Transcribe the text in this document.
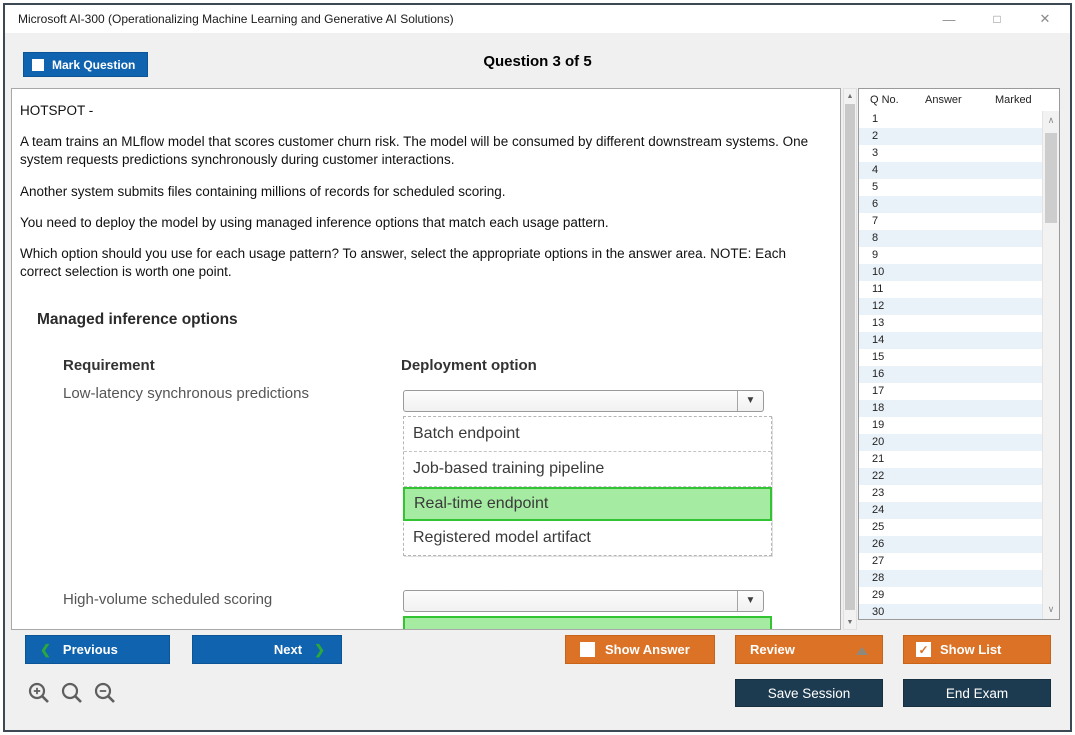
Microsoft AI-300 (Operationalizing Machine Learning and Generative AI Solutions)	—	□	✕
Question 3 of 5
Mark Question

HOTSPOT -

A team trains an MLflow model that scores customer churn risk. The model will be consumed by different downstream systems. One system requests predictions synchronously during customer interactions.

Another system submits files containing millions of records for scheduled scoring.

You need to deploy the model by using managed inference options that match each usage pattern.

Which option should you use for each usage pattern? To answer, select the appropriate options in the answer area. NOTE: Each correct selection is worth one point.

Managed inference options
Requirement	Deployment option
Low-latency synchronous predictions	▼
Batch endpoint
Job-based training pipeline
Real-time endpoint
Registered model artifact
High-volume scheduled scoring	▼
▲
▼
Q No. Answer	Marked
1
2
3
4
5
6
7
8
9
10
11
12
13
14
15
16
17
18
19
20
21
22
23
24
25
26
27
28
29
30
∧
∨
❮ Previous	Next ❯	Show Answer	Review	✓ Show List
Save Session	End Exam
